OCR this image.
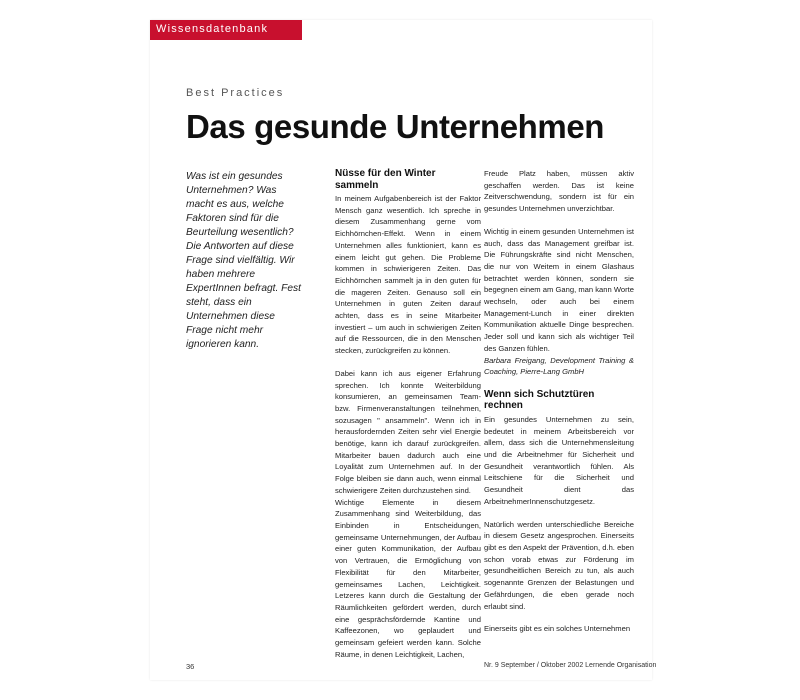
Wissensdatenbank
Best Practices
Das gesunde Unternehmen

Was ist ein gesundes Unternehmen? Was macht es aus, welche Faktoren sind für die Beurteilung wesentlich? Die Antworten auf diese Frage sind vielfältig. Wir haben mehrere ExpertInnen befragt. Fest steht, dass ein Unternehmen diese Frage nicht mehr ignorieren kann.

Nüsse für den Winter sammeln

In meinem Aufgabenbereich ist der Faktor Mensch ganz wesentlich. Ich spreche in diesem Zusammenhang gerne vom Eichhörnchen-Effekt. Wenn in einem Unternehmen alles funktioniert, kann es einem leicht gut gehen. Die Probleme kommen in schwierigeren Zeiten. Das Eichhörnchen sammelt ja in den guten für die mageren Zeiten. Genauso soll ein Unternehmen in guten Zeiten darauf achten, dass es in seine Mitarbeiter investiert – um auch in schwierigen Zeiten auf die Ressourcen, die in den Menschen stecken, zurückgreifen zu können.

Dabei kann ich aus eigener Erfahrung sprechen. Ich konnte Weiterbildung konsumieren, an gemeinsamen Team- bzw. Firmenveranstaltungen teilnehmen, sozusagen " ansammeln". Wenn ich in herausfordernden Zeiten sehr viel Energie benötige, kann ich darauf zurückgreifen. Mitarbeiter bauen dadurch auch eine Loyalität zum Unternehmen auf. In der Folge bleiben sie dann auch, wenn einmal schwierigere Zeiten durchzustehen sind.

Wichtige Elemente in diesem Zusammenhang sind Weiterbildung, das Einbinden in Entscheidungen, gemeinsame Unternehmungen, der Aufbau einer guten Kommunikation, der Aufbau von Vertrauen, die Ermöglichung von Flexibilität für den Mitarbeiter, gemeinsames Lachen, Leichtigkeit. Letzeres kann durch die Gestaltung der Räumlichkeiten gefördert werden, durch eine gesprächsfördernde Kantine und Kaffeezonen, wo geplaudert und gemeinsam gefeiert werden kann. Solche Räume, in denen Leichtigkeit, Lachen,

Freude Platz haben, müssen aktiv geschaffen werden. Das ist keine Zeitverschwendung, sondern ist für ein gesundes Unternehmen unverzichtbar.

Wichtig in einem gesunden Unternehmen ist auch, dass das Management greifbar ist. Die Führungskräfte sind nicht Menschen, die nur von Weitem in einem Glashaus betrachtet werden können, sondern sie begegnen einem am Gang, man kann Worte wechseln, oder auch bei einem Management-Lunch in einer direkten Kommunikation aktuelle Dinge besprechen. Jeder soll und kann sich als wichtiger Teil des Ganzen fühlen.

Barbara Freigang, Development Training & Coaching, Pierre-Lang GmbH

Wenn sich Schutztüren rechnen

Ein gesundes Unternehmen zu sein, bedeutet in meinem Arbeitsbereich vor allem, dass sich die Unternehmensleitung und die Arbeitnehmer für Sicherheit und Gesundheit verantwortlich fühlen. Als Leitschiene für die Sicherheit und Gesundheit dient das ArbeitnehmerInnenschutzgesetz.

Natürlich werden unterschiedliche Bereiche in diesem Gesetz angesprochen. Einerseits gibt es den Aspekt der Prävention, d.h. eben schon vorab etwas zur Förderung im gesundheitlichen Bereich zu tun, als auch sogenannte Grenzen der Belastungen und Gefährdungen, die eben gerade noch erlaubt sind.

Einerseits gibt es ein solches Unternehmen

36	Nr. 9 September / Oktober 2002 Lernende Organisation
